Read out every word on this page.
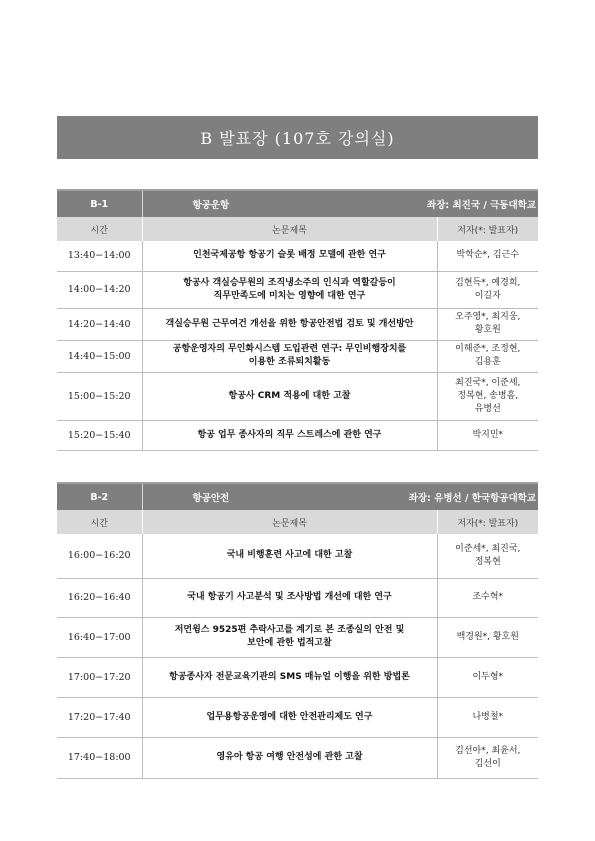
B 발표장 (107호 강의실)
B-1	항공운항 좌장: 최진국 / 극동대학교	

시간	논문제목	저자(*: 발표자)
13:40−14:00	인천국제공항 항공기 슬롯 배정 모델에 관한 연구	박학순*, 김근수
14:00−14:20	항공사 객실승무원의 조직냉소주의 인식과 역할갈등이
직무만족도에 미치는 영향에 대한 연구	김현득*, 예경희,
이길자
14:20−14:40	객실승무원 근무여건 개선을 위한 항공안전법 검토 및 개선방안	오주영*, 최지웅,
황호원
14:40−15:00	공항운영자의 무인화시스템 도입관련 연구: 무인비행장치를
이용한 조류퇴치활동	이해준*, 조정현,
김용훈
15:00−15:20	항공사 CRM 적용에 대한 고찰	최진국*, 이준세,
정복현, 송병흠,
유병선
15:20−15:40	항공 업무 종사자의 직무 스트레스에 관한 연구	박지민*
B-2	항공안전 좌장: 유병선 / 한국항공대학교	

시간	논문제목	저자(*: 발표자)
16:00−16:20	국내 비행훈련 사고에 대한 고찰	이준세*, 최진국,
정복현
16:20−16:40	국내 항공기 사고분석 및 조사방법 개선에 대한 연구	조수혁*
16:40−17:00	저먼윙스 9525편 추락사고를 계기로 본 조종실의 안전 및
보안에 관한 법적고찰	백경원*, 황호원
17:00−17:20	항공종사자 전문교육기관의 SMS 매뉴얼 이행을 위한 방법론	이두형*
17:20−17:40	업무용항공운영에 대한 안전관리제도 연구	나병철*
17:40−18:00	영유아 항공 여행 안전성에 관한 고찰	김선아*, 최윤서,
김선이
